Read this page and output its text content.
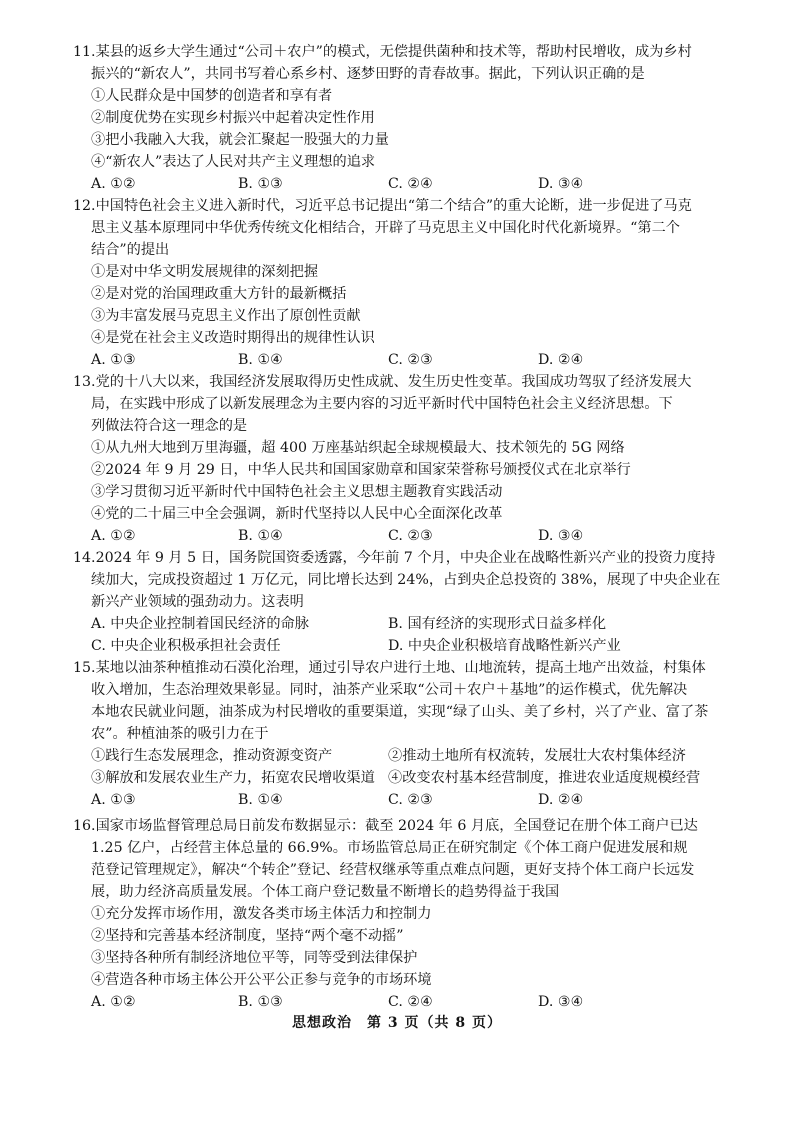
11.某县的返乡大学生通过“公司＋农户”的模式，无偿提供菌种和技术等，帮助村民增收，成为乡村
振兴的“新农人”，共同书写着心系乡村、逐梦田野的青春故事。据此，下列认识正确的是
①人民群众是中国梦的创造者和享有者
②制度优势在实现乡村振兴中起着决定性作用
③把小我融入大我，就会汇聚起一股强大的力量
④“新农人”表达了人民对共产主义理想的追求
A. ①②	B. ①③	C. ②④	D. ③④
12.中国特色社会主义进入新时代，习近平总书记提出“第二个结合”的重大论断，进一步促进了马克
思主义基本原理同中华优秀传统文化相结合，开辟了马克思主义中国化时代化新境界。“第二个
结合”的提出
①是对中华文明发展规律的深刻把握
②是对党的治国理政重大方针的最新概括
③为丰富发展马克思主义作出了原创性贡献
④是党在社会主义改造时期得出的规律性认识
A. ①③	B. ①④	C. ②③	D. ②④
13.党的十八大以来，我国经济发展取得历史性成就、发生历史性变革。我国成功驾驭了经济发展大
局，在实践中形成了以新发展理念为主要内容的习近平新时代中国特色社会主义经济思想。下
列做法符合这一理念的是
①从九州大地到万里海疆，超 400 万座基站织起全球规模最大、技术领先的 5G 网络
②2024 年 9 月 29 日，中华人民共和国国家勋章和国家荣誉称号颁授仪式在北京举行
③学习贯彻习近平新时代中国特色社会主义思想主题教育实践活动
④党的二十届三中全会强调，新时代坚持以人民中心全面深化改革
A. ①②	B. ①④	C. ②③	D. ③④
14.2024 年 9 月 5 日，国务院国资委透露，今年前 7 个月，中央企业在战略性新兴产业的投资力度持
续加大，完成投资超过 1 万亿元，同比增长达到 24%，占到央企总投资的 38%，展现了中央企业在
新兴产业领域的强劲动力。这表明
A. 中央企业控制着国民经济的命脉	B. 国有经济的实现形式日益多样化
C. 中央企业积极承担社会责任	D. 中央企业积极培育战略性新兴产业
15.某地以油茶种植推动石漠化治理，通过引导农户进行土地、山地流转，提高土地产出效益，村集体
收入增加，生态治理效果彰显。同时，油茶产业采取“公司＋农户＋基地”的运作模式，优先解决
本地农民就业问题，油茶成为村民增收的重要渠道，实现“绿了山头、美了乡村，兴了产业、富了茶
农”。种植油茶的吸引力在于
①践行生态发展理念，推动资源变资产	②推动土地所有权流转，发展壮大农村集体经济
③解放和发展农业生产力，拓宽农民增收渠道 ④改变农村基本经营制度，推进农业适度规模经营
A. ①③	B. ①④	C. ②③	D. ②④
16.国家市场监督管理总局日前发布数据显示：截至 2024 年 6 月底，全国登记在册个体工商户已达
1.25 亿户，占经营主体总量的 66.9%。市场监管总局正在研究制定《个体工商户促进发展和规
范登记管理规定》，解决“个转企”登记、经营权继承等重点难点问题，更好支持个体工商户长远发
展，助力经济高质量发展。个体工商户登记数量不断增长的趋势得益于我国
①充分发挥市场作用，激发各类市场主体活力和控制力
②坚持和完善基本经济制度，坚持“两个毫不动摇”
③坚持各种所有制经济地位平等，同等受到法律保护
④营造各种市场主体公开公平公正参与竞争的市场环境
A. ①②	B. ①③	C. ②④	D. ③④
思想政治　第 3 页（共 8 页）
